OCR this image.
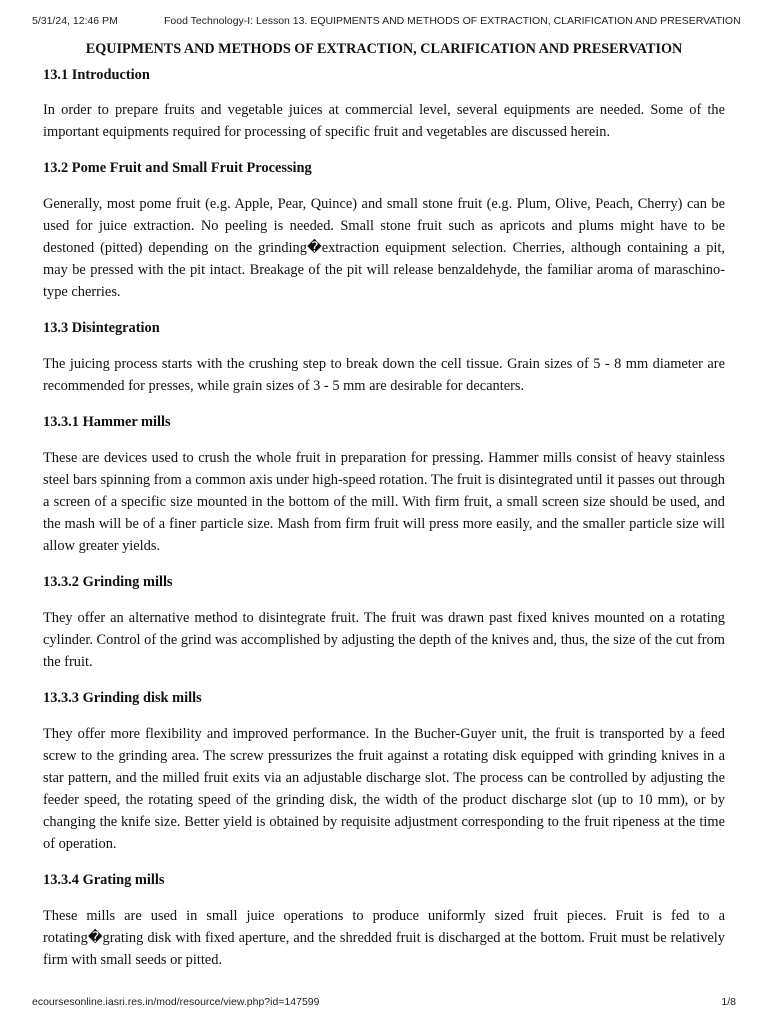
5/31/24, 12:46 PM	Food Technology-I: Lesson 13. EQUIPMENTS AND METHODS OF EXTRACTION, CLARIFICATION AND PRESERVATION
EQUIPMENTS AND METHODS OF EXTRACTION, CLARIFICATION AND PRESERVATION
13.1 Introduction

In order to prepare fruits and vegetable juices at commercial level, several equipments are needed. Some of the important equipments required for processing of specific fruit and vegetables are discussed herein.

13.2 Pome Fruit and Small Fruit Processing

Generally, most pome fruit (e.g. Apple, Pear, Quince) and small stone fruit (e.g. Plum, Olive, Peach, Cherry) can be used for juice extraction. No peeling is needed. Small stone fruit such as apricots and plums might have to be destoned (pitted) depending on the grinding�extraction equipment selection. Cherries, although containing a pit, may be pressed with the pit intact. Breakage of the pit will release benzaldehyde, the familiar aroma of maraschino-type cherries.

13.3 Disintegration

The juicing process starts with the crushing step to break down the cell tissue. Grain sizes of 5 - 8 mm diameter are recommended for presses, while grain sizes of 3 - 5 mm are desirable for decanters.

13.3.1 Hammer mills

These are devices used to crush the whole fruit in preparation for pressing. Hammer mills consist of heavy stainless steel bars spinning from a common axis under high-speed rotation. The fruit is disintegrated until it passes out through a screen of a specific size mounted in the bottom of the mill. With firm fruit, a small screen size should be used, and the mash will be of a finer particle size. Mash from firm fruit will press more easily, and the smaller particle size will allow greater yields.

13.3.2 Grinding mills

They offer an alternative method to disintegrate fruit. The fruit was drawn past fixed knives mounted on a rotating cylinder. Control of the grind was accomplished by adjusting the depth of the knives and, thus, the size of the cut from the fruit.

13.3.3 Grinding disk mills

They offer more flexibility and improved performance. In the Bucher-Guyer unit, the fruit is transported by a feed screw to the grinding area. The screw pressurizes the fruit against a rotating disk equipped with grinding knives in a star pattern, and the milled fruit exits via an adjustable discharge slot. The process can be controlled by adjusting the feeder speed, the rotating speed of the grinding disk, the width of the product discharge slot (up to 10 mm), or by changing the knife size. Better yield is obtained by requisite adjustment corresponding to the fruit ripeness at the time of operation.

13.3.4 Grating mills

These mills are used in small juice operations to produce uniformly sized fruit pieces. Fruit is fed to a rotating�grating disk with fixed aperture, and the shredded fruit is discharged at the bottom. Fruit must be relatively firm with small seeds or pitted.

ecoursesonline.iasri.res.in/mod/resource/view.php?id=147599	1/8
